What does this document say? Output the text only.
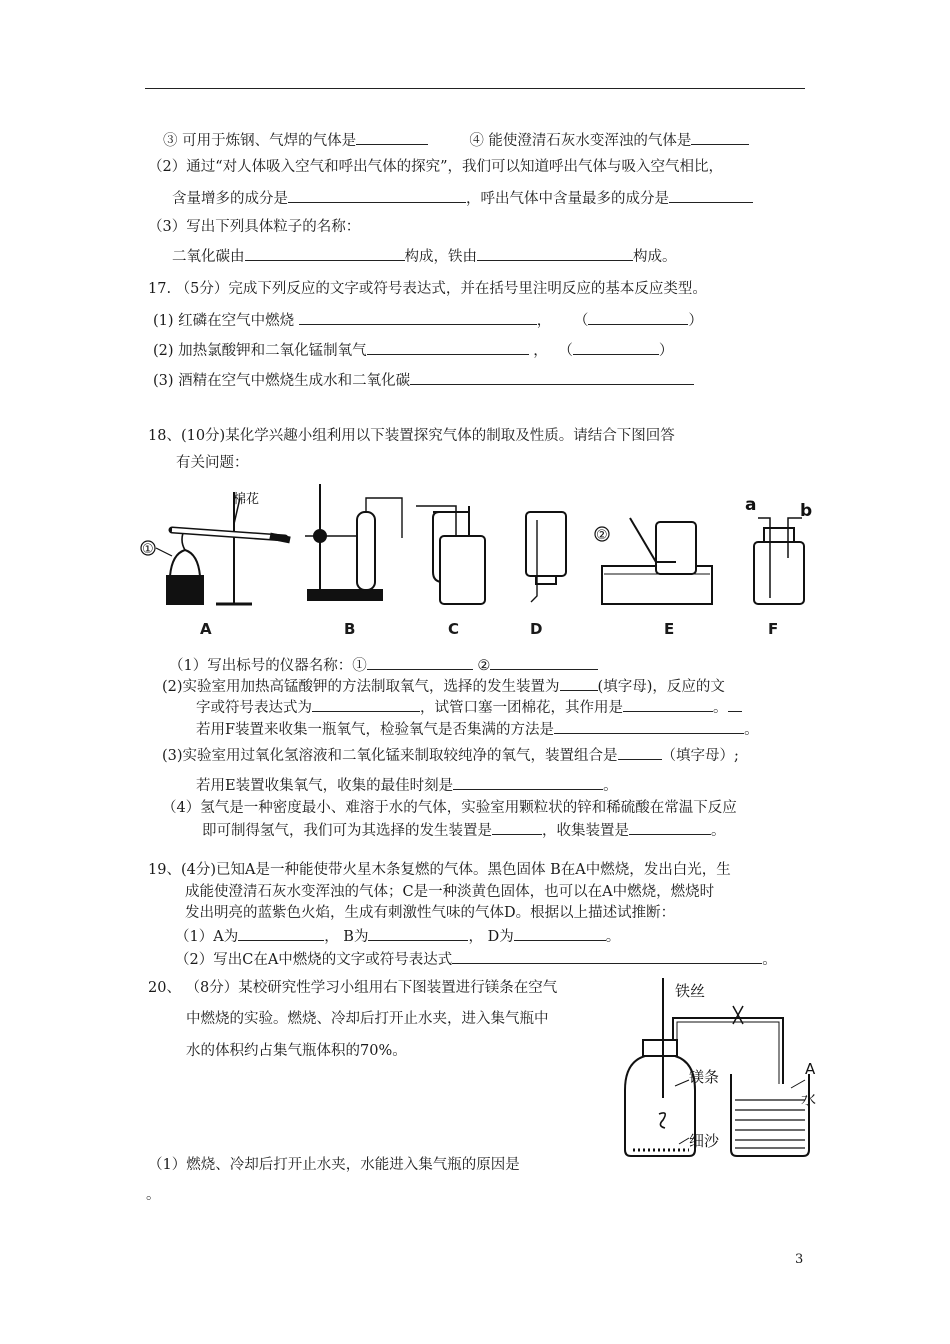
③ 可用于炼钢、气焊的气体是	④ 能使澄清石灰水变浑浊的气体是
（2）通过“对人体吸入空气和呼出气体的探究”，我们可以知道呼出气体与吸入空气相比，
含量增多的成分是	，呼出气体中含量最多的成分是
（3）写出下列具体粒子的名称：
二氧化碳由	构成，铁由	构成。
17. （5分）完成下列反应的文字或符号表达式，并在括号里注明反应的基本反应类型。
(1) 红磷在空气中燃烧	， （	）
(2) 加热氯酸钾和二氧化锰制氧气	， （	）
(3) 酒精在空气中燃烧生成水和二氧化碳
18、(10分)某化学兴趣小组利用以下装置探究气体的制取及性质。请结合下图回答
有关问题：
棉花
①
②
a	b
A	B	C	D	E	F
（1）写出标号的仪器名称：①	②
(2)实验室用加热高锰酸钾的方法制取氧气，选择的发生装置为	(填字母)，反应的文
字或符号表达式为	，试管口塞一团棉花，其作用是	。
若用F装置来收集一瓶氧气，检验氧气是否集满的方法是	。
(3)实验室用过氧化氢溶液和二氧化锰来制取较纯净的氧气，装置组合是	（填字母）;
若用E装置收集氧气，收集的最佳时刻是	。
（4）氢气是一种密度最小、难溶于水的气体，实验室用颗粒状的锌和稀硫酸在常温下反应
即可制得氢气，我们可为其选择的发生装置是	，收集装置是	。
19、(4分)已知A是一种能使带火星木条复燃的气体。黑色固体 B在A中燃烧，发出白光，生
成能使澄清石灰水变浑浊的气体；C是一种淡黄色固体，也可以在A中燃烧，燃烧时
发出明亮的蓝紫色火焰，生成有刺激性气味的气体D。根据以上描述试推断：
（1）A为	， B为	， D为	。
（2）写出C在A中燃烧的文字或符号表达式	。
20、 （8分）某校研究性学习小组用右下图装置进行镁条在空气
中燃烧的实验。燃烧、冷却后打开止水夹，进入集气瓶中
水的体积约占集气瓶体积的70%。
铁丝
镁条
细沙
A
水
（1）燃烧、冷却后打开止水夹，水能进入集气瓶的原因是
。
3
